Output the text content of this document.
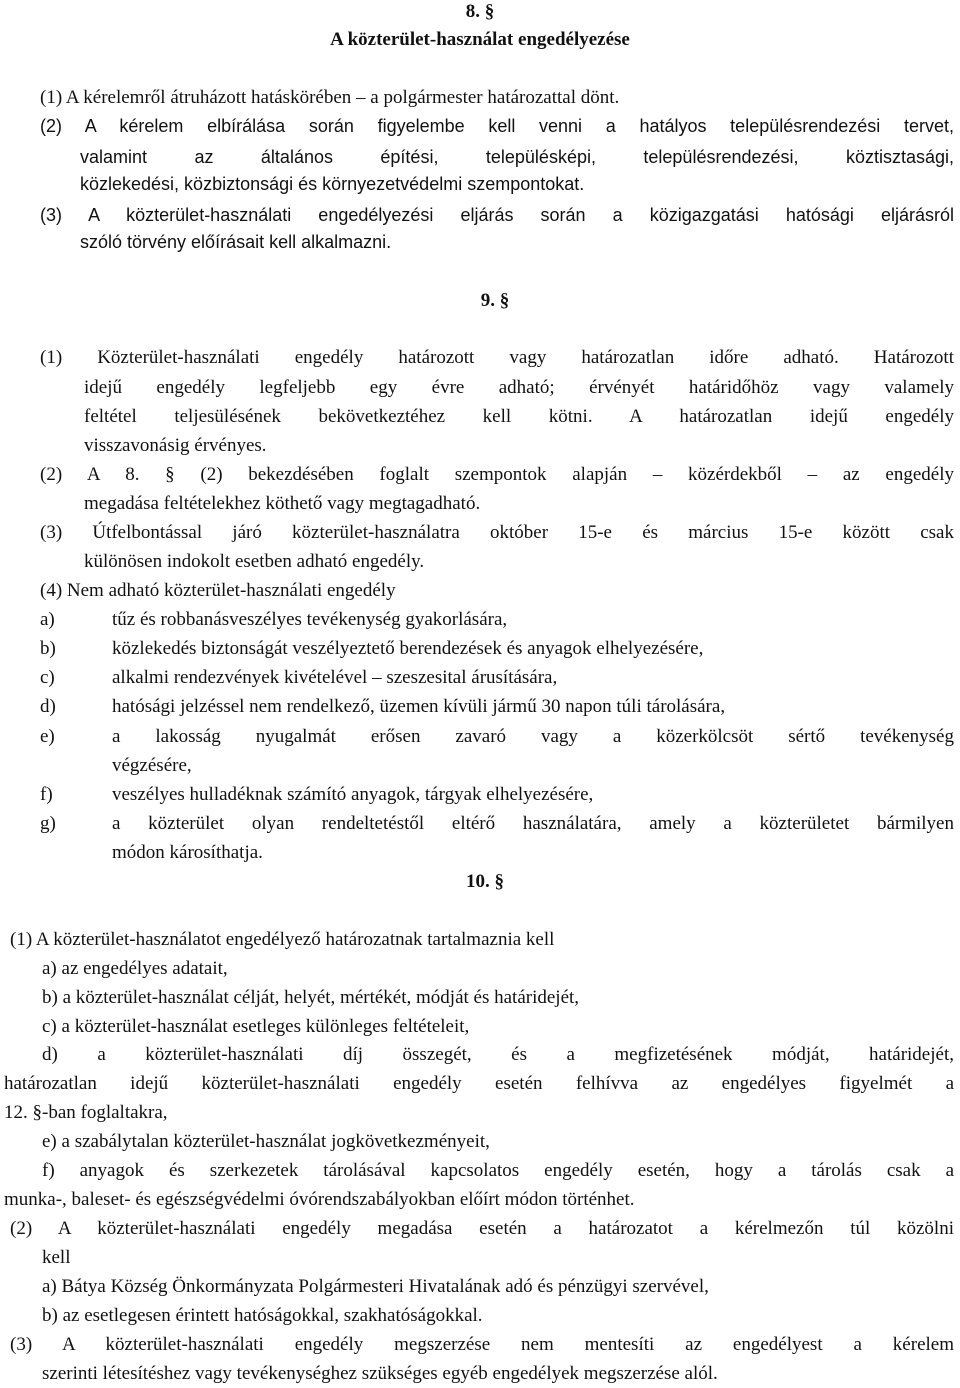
8. §
A közterület-használat engedélyezése
(1) A kérelemről átruházott hatáskörében – a polgármester határozattal dönt.
(2) A kérelem elbírálása során figyelembe kell venni a hatályos településrendezési tervet,
valamint az általános építési, településképi, településrendezési, köztisztasági,
közlekedési, közbiztonsági és környezetvédelmi szempontokat.
(3) A közterület-használati engedélyezési eljárás során a közigazgatási hatósági eljárásról
szóló törvény előírásait kell alkalmazni.
9. §
(1) Közterület-használati engedély határozott vagy határozatlan időre adható. Határozott
idejű engedély legfeljebb egy évre adható; érvényét határidőhöz vagy valamely
feltétel teljesülésének bekövetkeztéhez kell kötni. A határozatlan idejű engedély
visszavonásig érvényes.
(2) A 8. § (2) bekezdésében foglalt szempontok alapján – közérdekből – az engedély
megadása feltételekhez köthető vagy megtagadható.
(3) Útfelbontással járó közterület-használatra október 15-e és március 15-e között csak
különösen indokolt esetben adható engedély.
(4) Nem adható közterület-használati engedély
a)	tűz és robbanásveszélyes tevékenység gyakorlására,
b)	közlekedés biztonságát veszélyeztető berendezések és anyagok elhelyezésére,
c)	alkalmi rendezvények kivételével – szeszesital árusítására,
d)	hatósági jelzéssel nem rendelkező, üzemen kívüli jármű 30 napon túli tárolására,
e)	a lakosság nyugalmát erősen zavaró vagy a közerkölcsöt sértő tevékenység
végzésére,
f)	veszélyes hulladéknak számító anyagok, tárgyak elhelyezésére,
g)	a közterület olyan rendeltetéstől eltérő használatára, amely a közterületet bármilyen
módon károsíthatja.
10. §
(1) A közterület-használatot engedélyező határozatnak tartalmaznia kell
a) az engedélyes adatait,
b) a közterület-használat célját, helyét, mértékét, módját és határidejét,
c) a közterület-használat esetleges különleges feltételeit,
d) a közterület-használati díj összegét, és a megfizetésének módját, határidejét,
határozatlan idejű közterület-használati engedély esetén felhívva az engedélyes figyelmét a
12. §-ban foglaltakra,
e) a szabálytalan közterület-használat jogkövetkezményeit,
f) anyagok és szerkezetek tárolásával kapcsolatos engedély esetén, hogy a tárolás csak a
munka-, baleset- és egészségvédelmi óvórendszabályokban előírt módon történhet.
(2) A közterület-használati engedély megadása esetén a határozatot a kérelmezőn túl közölni
kell
a) Bátya Község Önkormányzata Polgármesteri Hivatalának adó és pénzügyi szervével,
b) az esetlegesen érintett hatóságokkal, szakhatóságokkal.
(3) A közterület-használati engedély megszerzése nem mentesíti az engedélyest a kérelem
szerinti létesítéshez vagy tevékenységhez szükséges egyéb engedélyek megszerzése alól.
